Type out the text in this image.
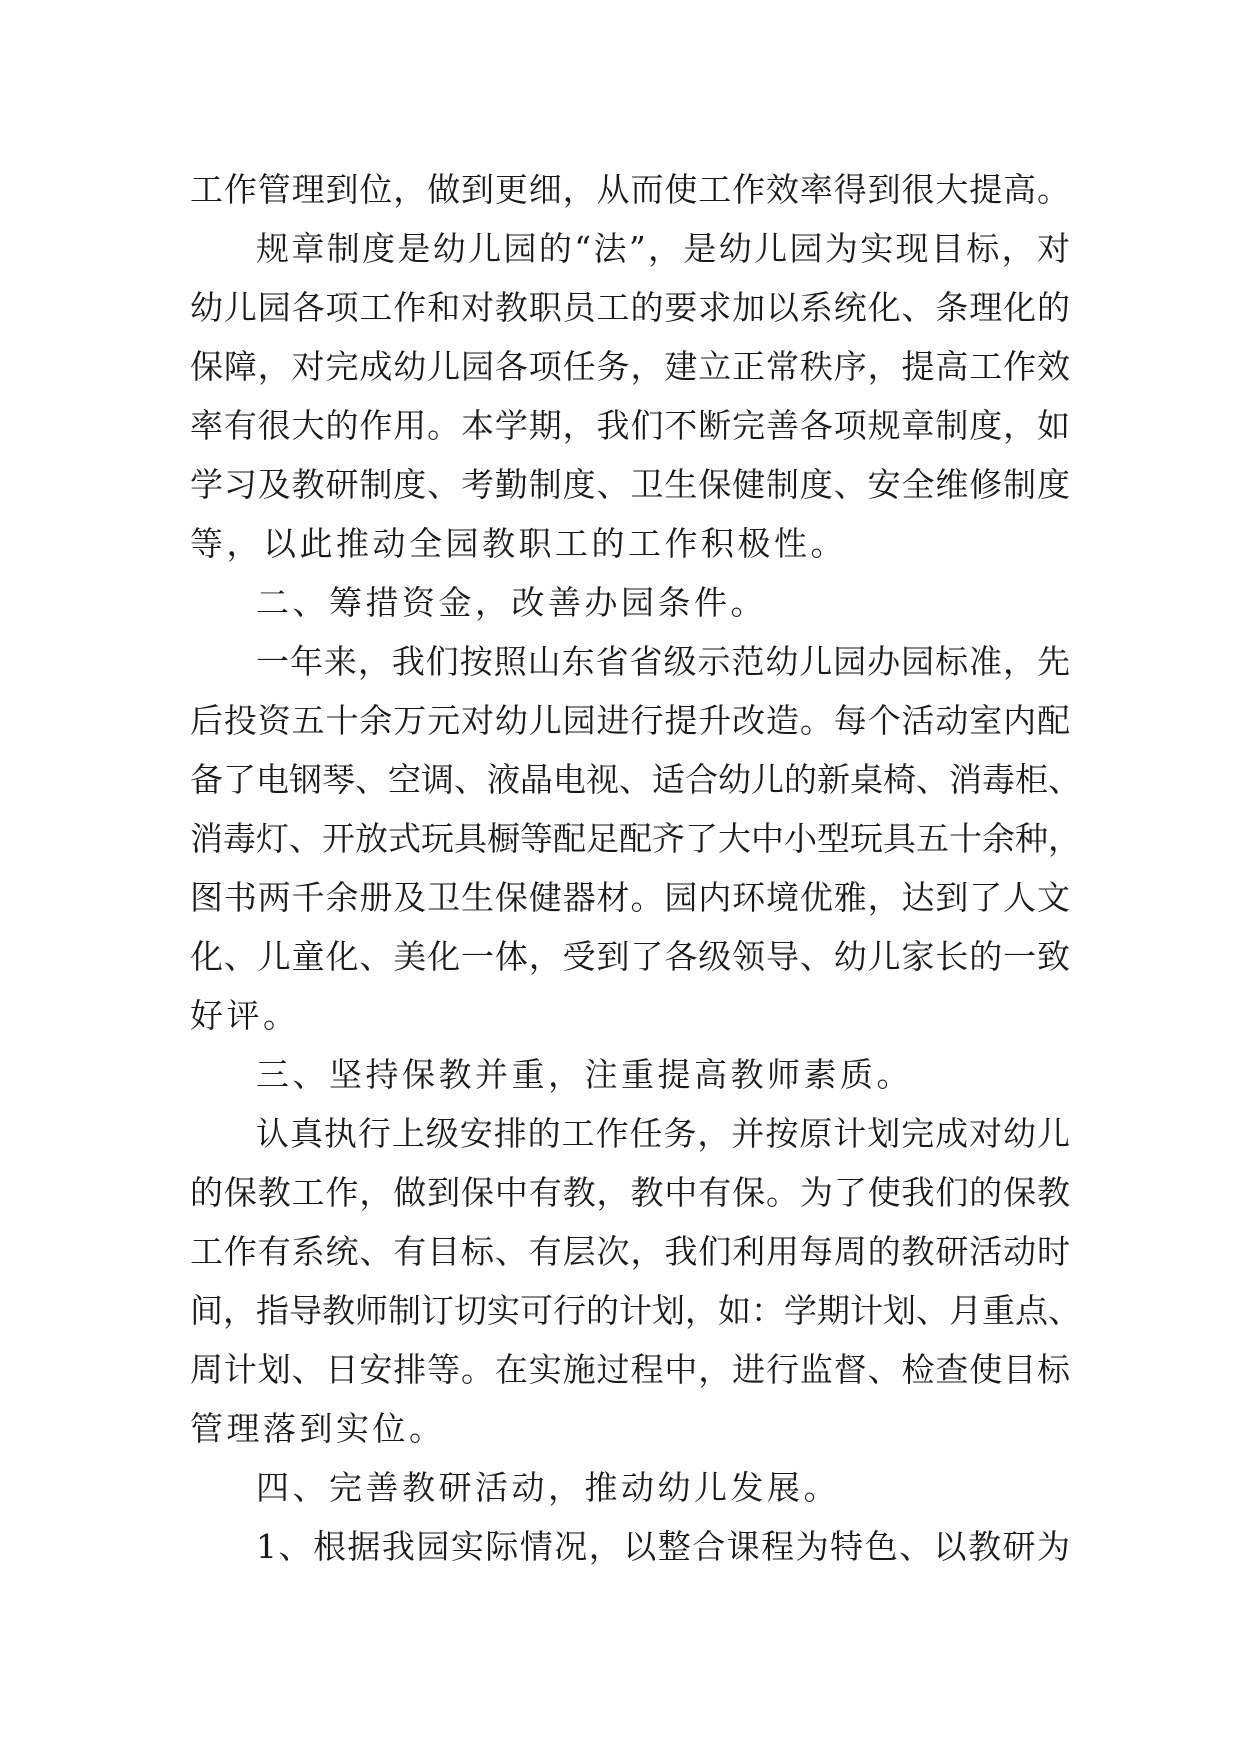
工作管理到位，做到更细，从而使工作效率得到很大提高。
规章制度是幼儿园的“法”，是幼儿园为实现目标，对
幼儿园各项工作和对教职员工的要求加以系统化、条理化的
保障，对完成幼儿园各项任务，建立正常秩序，提高工作效
率有很大的作用。本学期，我们不断完善各项规章制度，如
学习及教研制度、考勤制度、卫生保健制度、安全维修制度
等，以此推动全园教职工的工作积极性。
二、筹措资金，改善办园条件。
一年来，我们按照山东省省级示范幼儿园办园标准，先
后投资五十余万元对幼儿园进行提升改造。每个活动室内配
备了电钢琴、空调、液晶电视、适合幼儿的新桌椅、消毒柜、
消毒灯、开放式玩具橱等配足配齐了大中小型玩具五十余种，
图书两千余册及卫生保健器材。园内环境优雅，达到了人文
化、儿童化、美化一体，受到了各级领导、幼儿家长的一致
好评。
三、坚持保教并重，注重提高教师素质。
认真执行上级安排的工作任务，并按原计划完成对幼儿
的保教工作，做到保中有教，教中有保。为了使我们的保教
工作有系统、有目标、有层次，我们利用每周的教研活动时
间，指导教师制订切实可行的计划，如：学期计划、月重点、
周计划、日安排等。在实施过程中，进行监督、检查使目标
管理落到实位。
四、完善教研活动，推动幼儿发展。
1、根据我园实际情况，以整合课程为特色、以教研为
